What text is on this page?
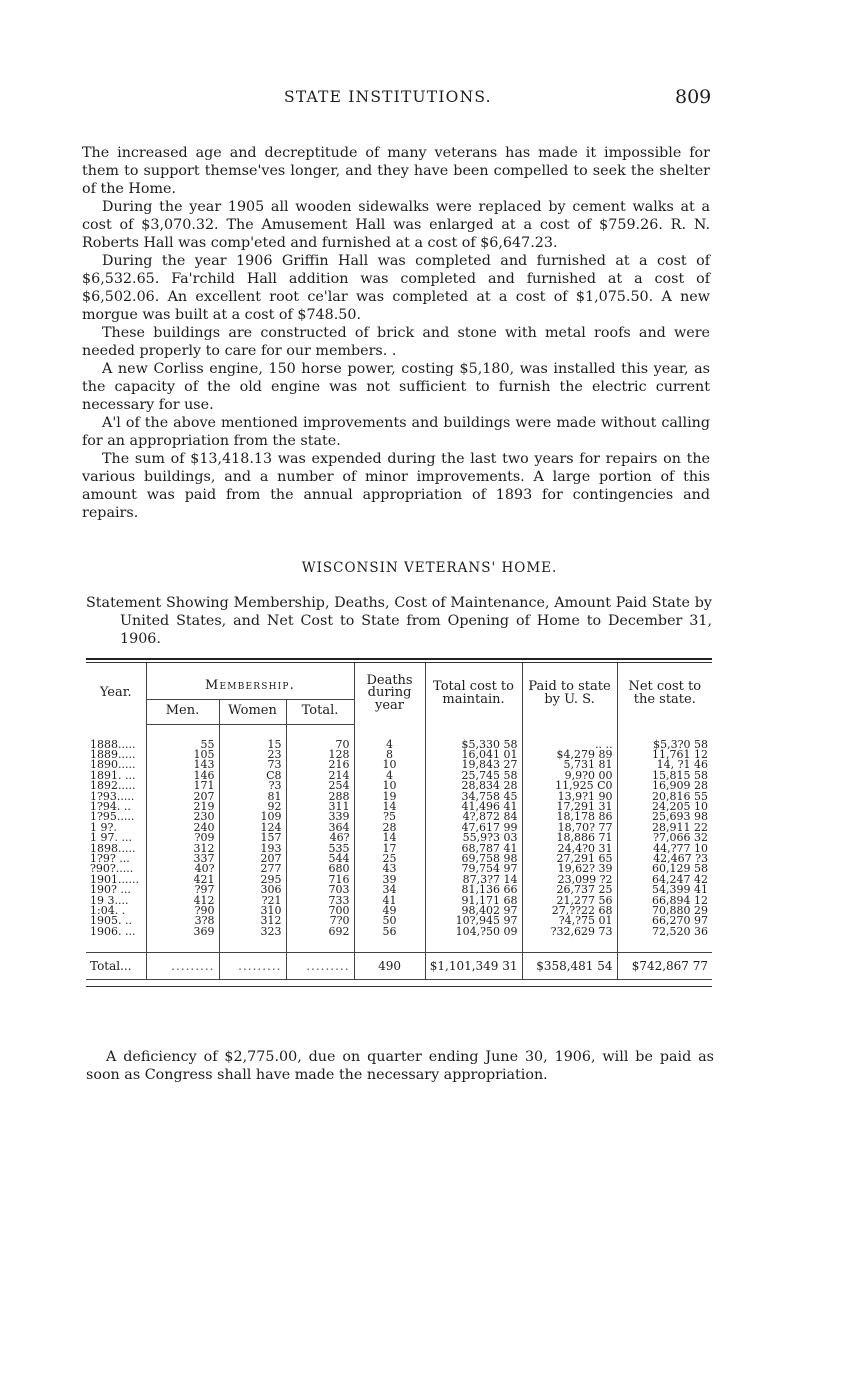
STATE INSTITUTIONS.	809

The increased age and decreptitude of many veterans has made it impossible for them to support themse'ves longer, and they have been compelled to seek the shelter of the Home.

During the year 1905 all wooden sidewalks were replaced by cement walks at a cost of $3,070.32. The Amusement Hall was enlarged at a cost of $759.26. R. N. Roberts Hall was comp'eted and furnished at a cost of $6,647.23.

During the year 1906 Griffin Hall was completed and furnished at a cost of $6,532.65. Fa'rchild Hall addition was completed and furnished at a cost of $6,502.06. An excellent root ce'lar was completed at a cost of $1,075.50. A new morgue was built at a cost of $748.50.

These buildings are constructed of brick and stone with metal roofs and were needed properly to care for our members. .

A new Corliss engine, 150 horse power, costing $5,180, was installed this year, as the capacity of the old engine was not sufficient to furnish the electric current necessary for use.

A'l of the above mentioned improvements and buildings were made without calling for an appropriation from the state.

The sum of $13,418.13 was expended during the last two years for repairs on the various buildings, and a number of minor improvements. A large portion of this amount was paid from the annual appropriation of 1893 for contingencies and repairs.

WISCONSIN VETERANS' HOME.
Statement Showing Membership, Deaths, Cost of Maintenance, Amount Paid State by United States, and Net Cost to State from Opening of Home to December 31, 1906.
Year.	Membership.			Deaths during year	Total cost to maintain.	Paid to state by U. S.	Net cost to the state.
	Men.	Women	Total.				

1888.....	55	15	70	4	$5,330 58	.. ..	$5,3?0 58
1889.....	105	23	128	8	16,041 01	$4,279 89	11,761 12
1890.....	143	73	216	10	19,843 27	5,731 81	14, ?1 46
1891. ...	146	C8	214	4	25,745 58	9,9?0 00	15,815 58
1892.....	171	?3	254	10	28,834 28	11,925 C0	16,909 28
1?93.....	207	81	288	19	34,758 45	13,9?1 90	20,816 55
1?94. ..	219	92	311	14	41,496 41	17,291 31	24,205 10
1?95.....	230	109	339	?5	4?,872 84	18,178 86	25,693 98
1 9?.	240	124	364	28	47,617 99	18,70? 77	28,911 22
1 97. ...	?09	157	46?	14	55,9?3 03	18,886 71	?7,066 32
1898.....	312	193	535	17	68,787 41	24,4?0 31	44,?77 10
1?9? ...	337	207	544	25	69,758 98	27,291 65	42,467 ?3
?90?.....	40?	277	680	43	79,754 97	19,62? 39	60,129 58
1901......	421	295	716	39	87,3?7 14	23,099 ?2	64,247 42
190? ...	?97	306	703	34	81,136 66	26,737 25	54,399 41
19 3....	412	?21	733	41	91,171 68	21,277 56	66,894 12
1:04. .	?90	310	700	49	98,402 97	27,??22 68	70,880 29
1905. ..	3?8	312	7?0	50	10?,945 97	?4,?75 01	66,270 97
1906. ...	369	323	692	56	104,?50 09	?32,629 73	72,520 36

Total...	.........	.........	.........	490	$1,101,349 31	$358,481 54	$742,867 77
A deficiency of $2,775.00, due on quarter ending June 30, 1906, will be paid as soon as Congress shall have made the necessary appropriation.
